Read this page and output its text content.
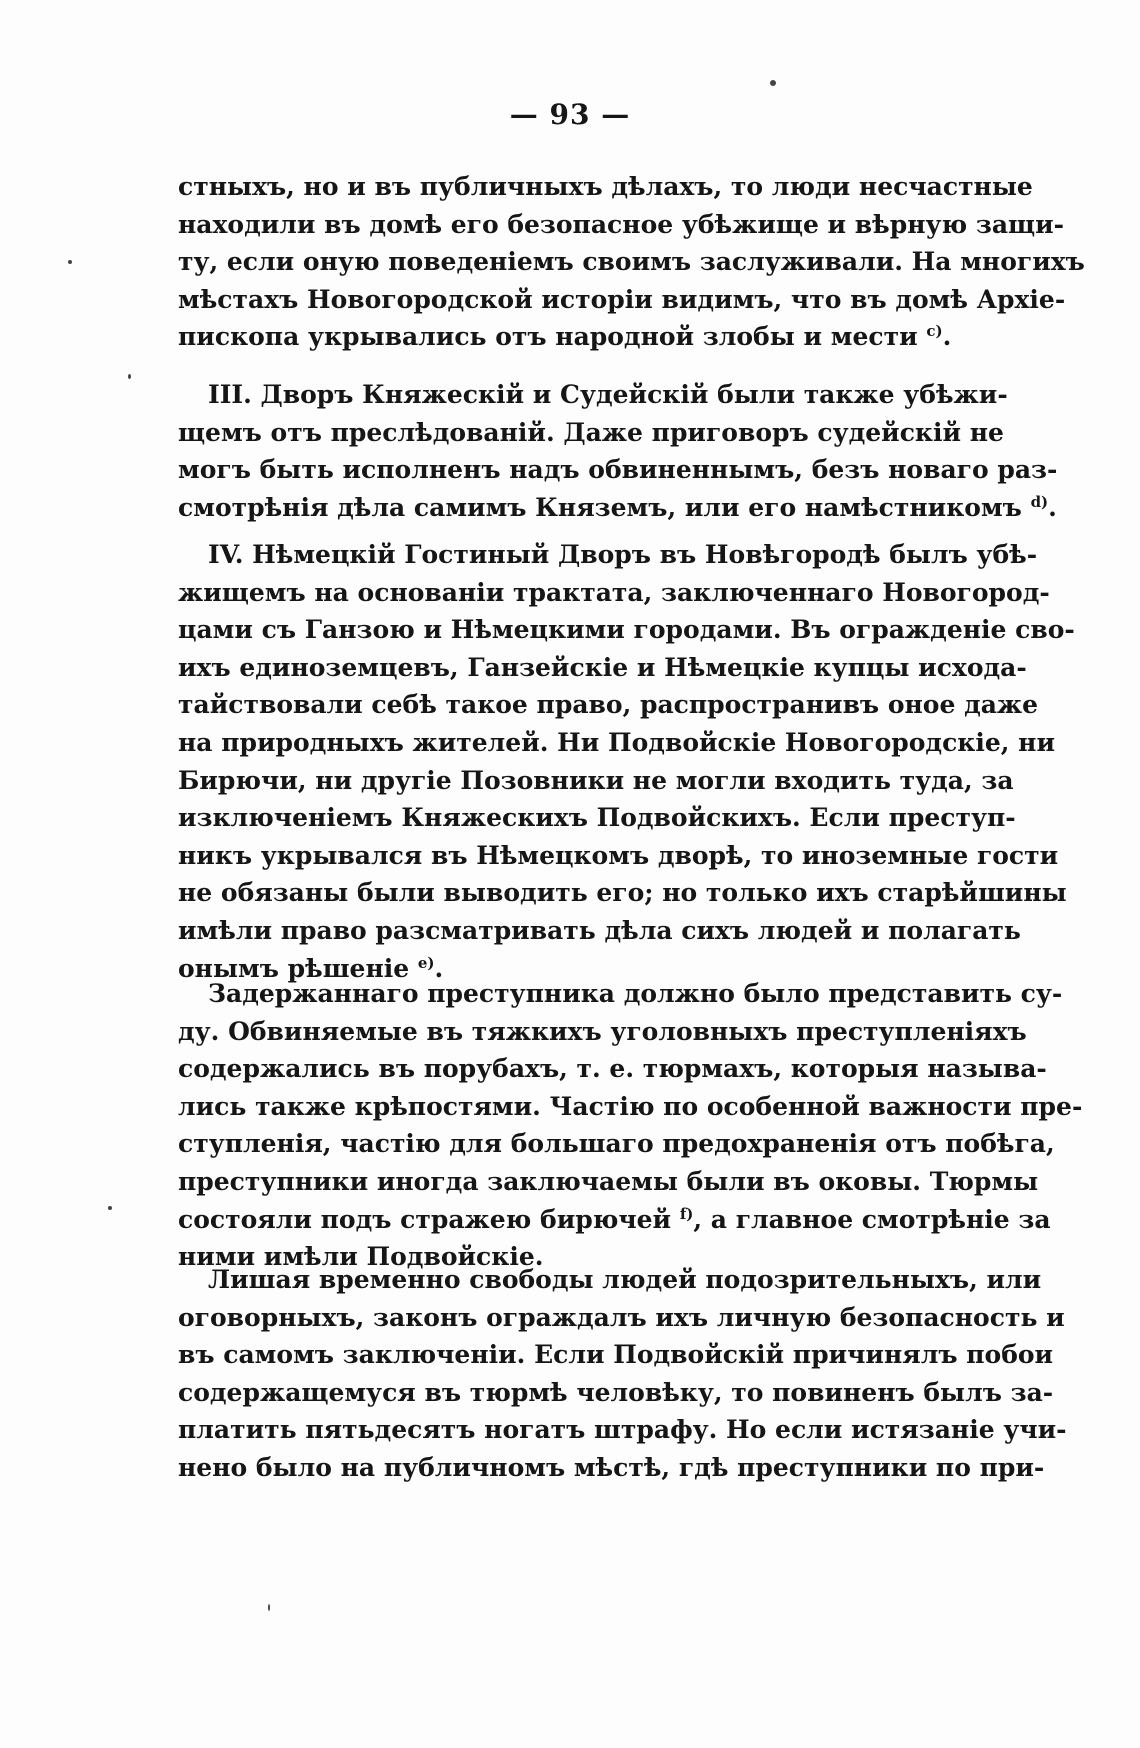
— 93 —
стныхъ, но и въ публичныхъ дѣлахъ, то люди несчастные
находили въ домѣ его безопасное убѣжище и вѣрную защи-
ту, если оную поведенiемъ своимъ заслуживали. На многихъ
мѣстахъ Новогородской исторiи видимъ, что въ домѣ Архiе-
пископа укрывались отъ народной злобы и мести $^{c)}$.
III. Дворъ Княжескiй и Судейскiй были также убѣжи-
щемъ отъ преслѣдованiй. Даже приговоръ судейскiй не
могъ быть исполненъ надъ обвиненнымъ, безъ новаго раз-
смотрѣнiя дѣла самимъ Княземъ, или его намѣстникомъ $^{d)}$.
IV. Нѣмецкiй Гостиный Дворъ въ Новѣгородѣ былъ убѣ-
жищемъ на основанiи трактата, заключеннаго Новогород-
цами съ Ганзою и Нѣмецкими городами. Въ огражденiе сво-
ихъ единоземцевъ, Ганзейскiе и Нѣмецкiе купцы исхода-
тайствовали себѣ такое право, распространивъ оное даже
на природныхъ жителей. Ни Подвойскiе Новогородскiе, ни
Бирючи, ни другiе Позовники не могли входить туда, за
изключенiемъ Княжескихъ Подвойскихъ. Если преступ-
никъ укрывался въ Нѣмецкомъ дворѣ, то иноземные гости
не обязаны были выводить его; но только ихъ старѣйшины
имѣли право разсматривать дѣла сихъ людей и полагать
онымъ рѣшенiе $^{e)}$.
Задержаннаго преступника должно было представить су-
ду. Обвиняемые въ тяжкихъ уголовныхъ преступленiяхъ
содержались въ порубахъ, т. е. тюрмахъ, которыя называ-
лись также крѣпостями. Частiю по особенной важности пре-
ступленiя, частiю для большаго предохраненiя отъ побѣга,
преступники иногда заключаемы были въ оковы. Тюрмы
состояли подъ стражею бирючей $^{f)}$, а главное смотрѣнiе за
ними имѣли Подвойскiе.
Лишая временно свободы людей подозрительныхъ, или
оговорныхъ, законъ ограждалъ ихъ личную безопасность и
въ самомъ заключенiи. Если Подвойскiй причинялъ побои
содержащемуся въ тюрмѣ человѣку, то повиненъ былъ за-
платить пятьдесятъ ногатъ штрафу. Но если истязанiе учи-
нено было на публичномъ мѣстѣ, гдѣ преступники по при-
